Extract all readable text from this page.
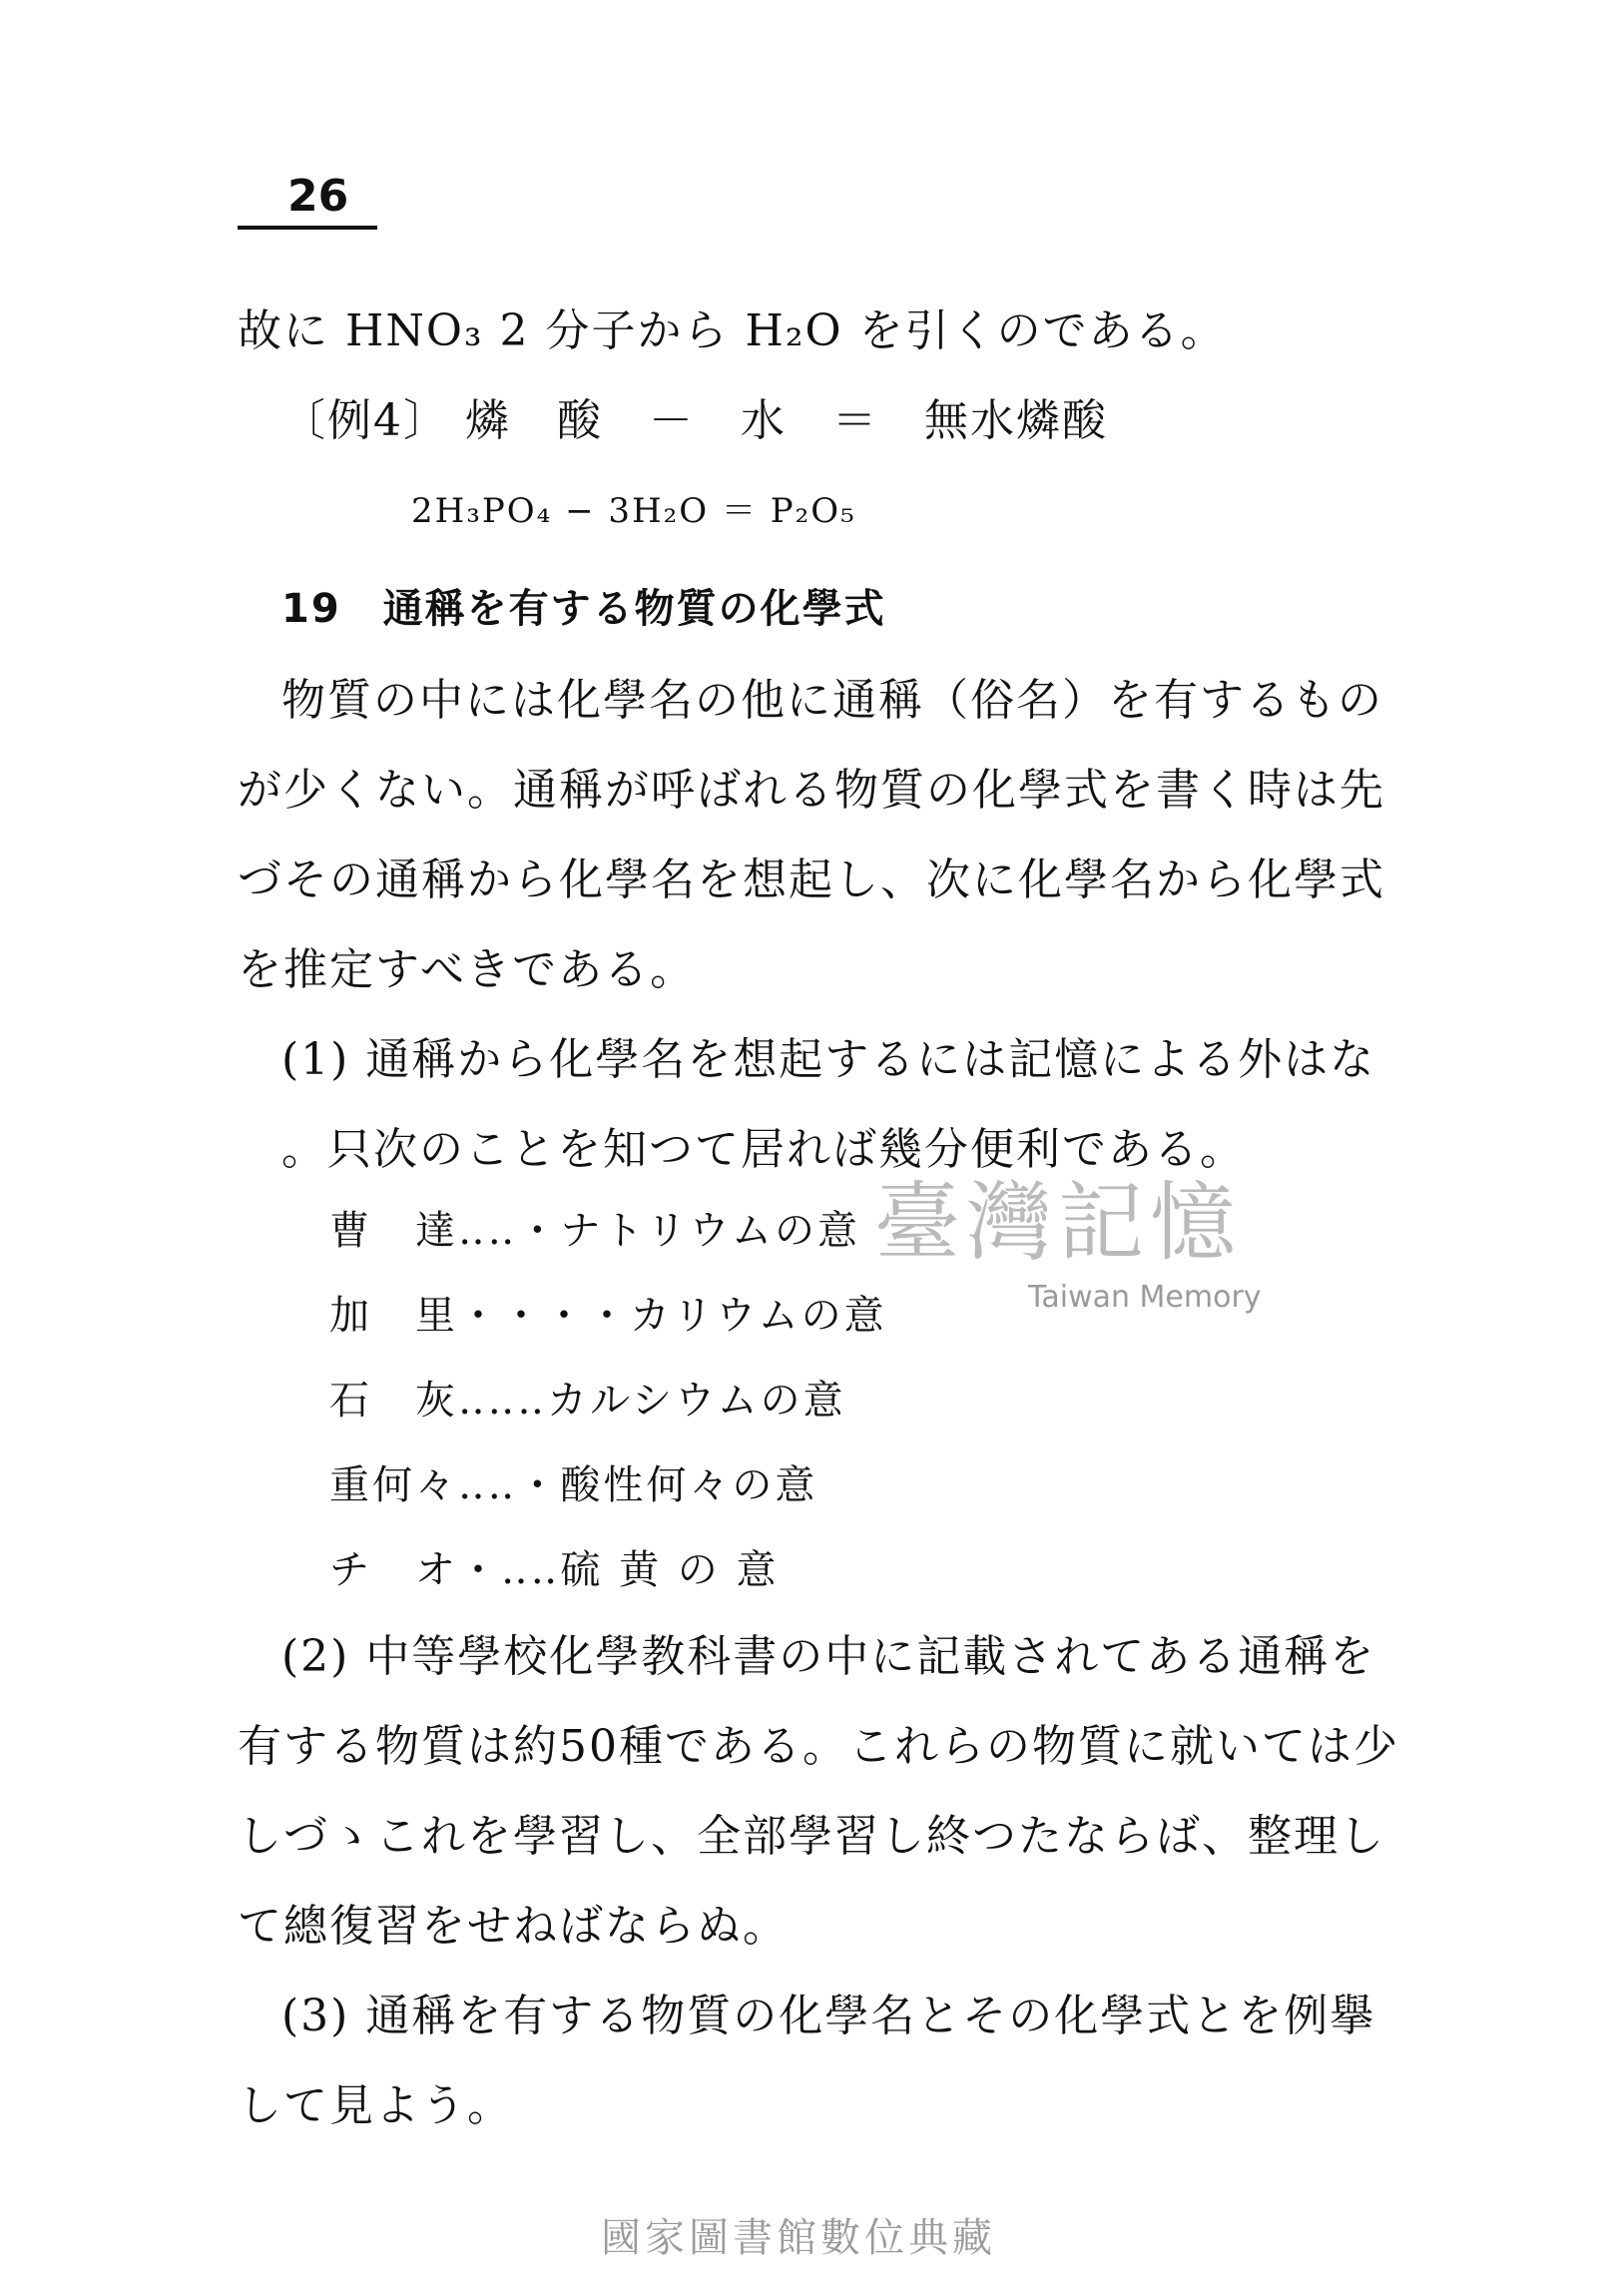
26
故に HNO₃ 2 分子から H₂O を引くのである。
〔例4〕 燐　酸　－　水　＝　無水燐酸
2H₃PO₄ − 3H₂O ＝ P₂O₅
19　通稱を有する物質の化學式
物質の中には化學名の他に通稱（俗名）を有するもの
が少くない。通稱が呼ばれる物質の化學式を書く時は先
づその通稱から化學名を想起し、次に化學名から化學式
を推定すべきである。
(1) 通稱から化學名を想起するには記憶による外はな
。只次のことを知つて居れば幾分便利である。
曹　達‥‥・ナトリウムの意
加　里・・・・カリウムの意
石　灰‥‥‥カルシウムの意
重何々‥‥・酸性何々の意
チ　オ・‥‥硫 黄 の 意
(2) 中等學校化學教科書の中に記載されてある通稱を
有する物質は約50種である。これらの物質に就いては少
しづゝこれを學習し、全部學習し終つたならば、整理し
て總復習をせねばならぬ。
(3) 通稱を有する物質の化學名とその化學式とを例擧
して見よう。
臺灣記憶
Taiwan Memory
國家圖書館數位典藏
